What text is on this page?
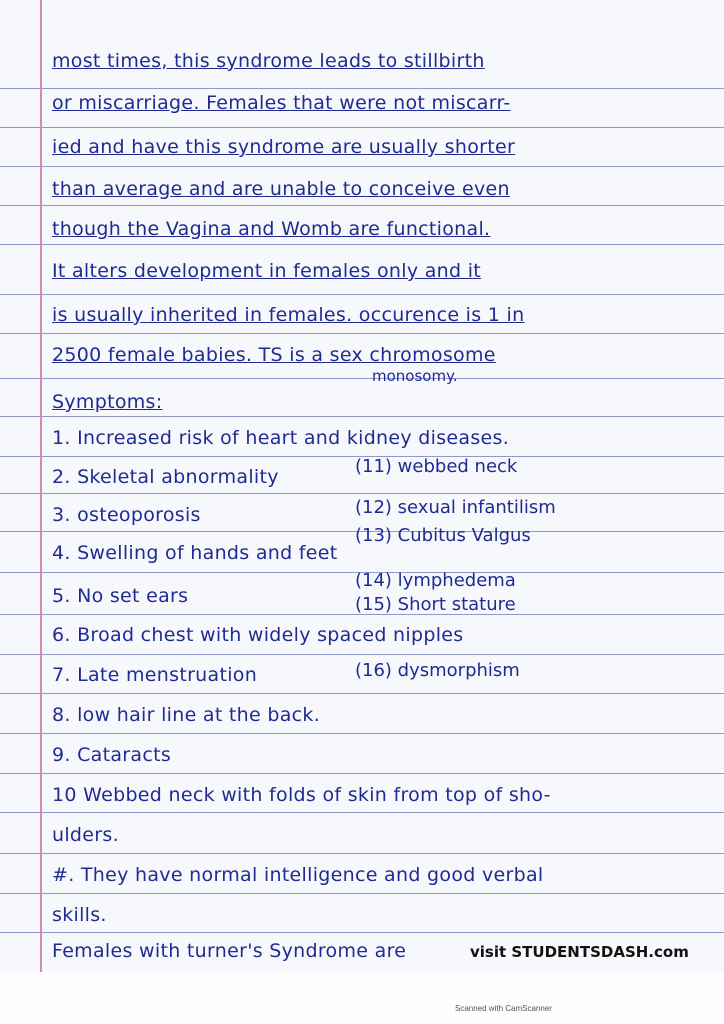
most times, this syndrome leads to stillbirth
or miscarriage. Females that were not miscarr-
ied and have this syndrome are usually shorter
than average and are unable to conceive even
though the Vagina and Womb are functional.
It alters development in females only and it
is usually inherited in females. occurence is 1 in
2500 female babies. TS is a sex chromosome
monosomy.
Symptoms:
1. Increased risk of heart and kidney diseases.
2. Skeletal abnormality
3. osteoporosis
4. Swelling of hands and feet
5. No set ears
6. Broad chest with widely spaced nipples
7. Late menstruation
8. low hair line at the back.
9. Cataracts
10 Webbed neck with folds of skin from top of sho-
ulders.
#. They have normal intelligence and good verbal
skills.
Females with turner's Syndrome are
(11) webbed neck
(12) sexual infantilism
(13) Cubitus Valgus
(14) lymphedema
(15) Short stature
(16) dysmorphism
visit STUDENTSDASH.com
Scanned with CamScanner
